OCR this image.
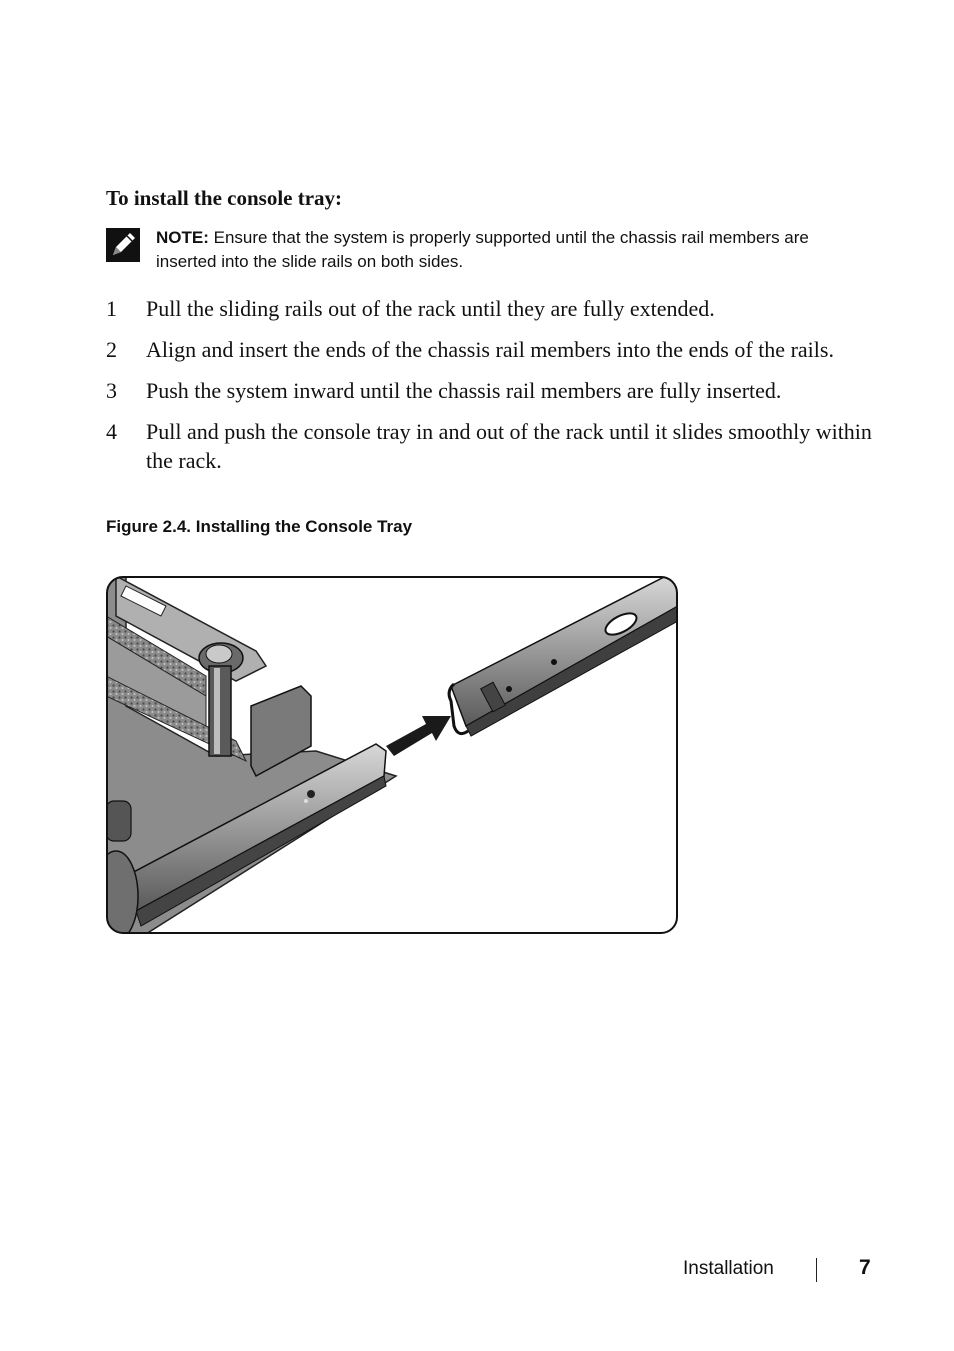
To install the console tray:
NOTE: Ensure that the system is properly supported until the chassis rail members are inserted into the slide rails on both sides.
1 Pull the sliding rails out of the rack until they are fully extended.
2 Align and insert the ends of the chassis rail members into the ends of the rails.
3 Push the system inward until the chassis rail members are fully inserted.
4 Pull and push the console tray in and out of the rack until it slides smoothly within the rack.
Figure 2.4. Installing the Console Tray
Installation	7
